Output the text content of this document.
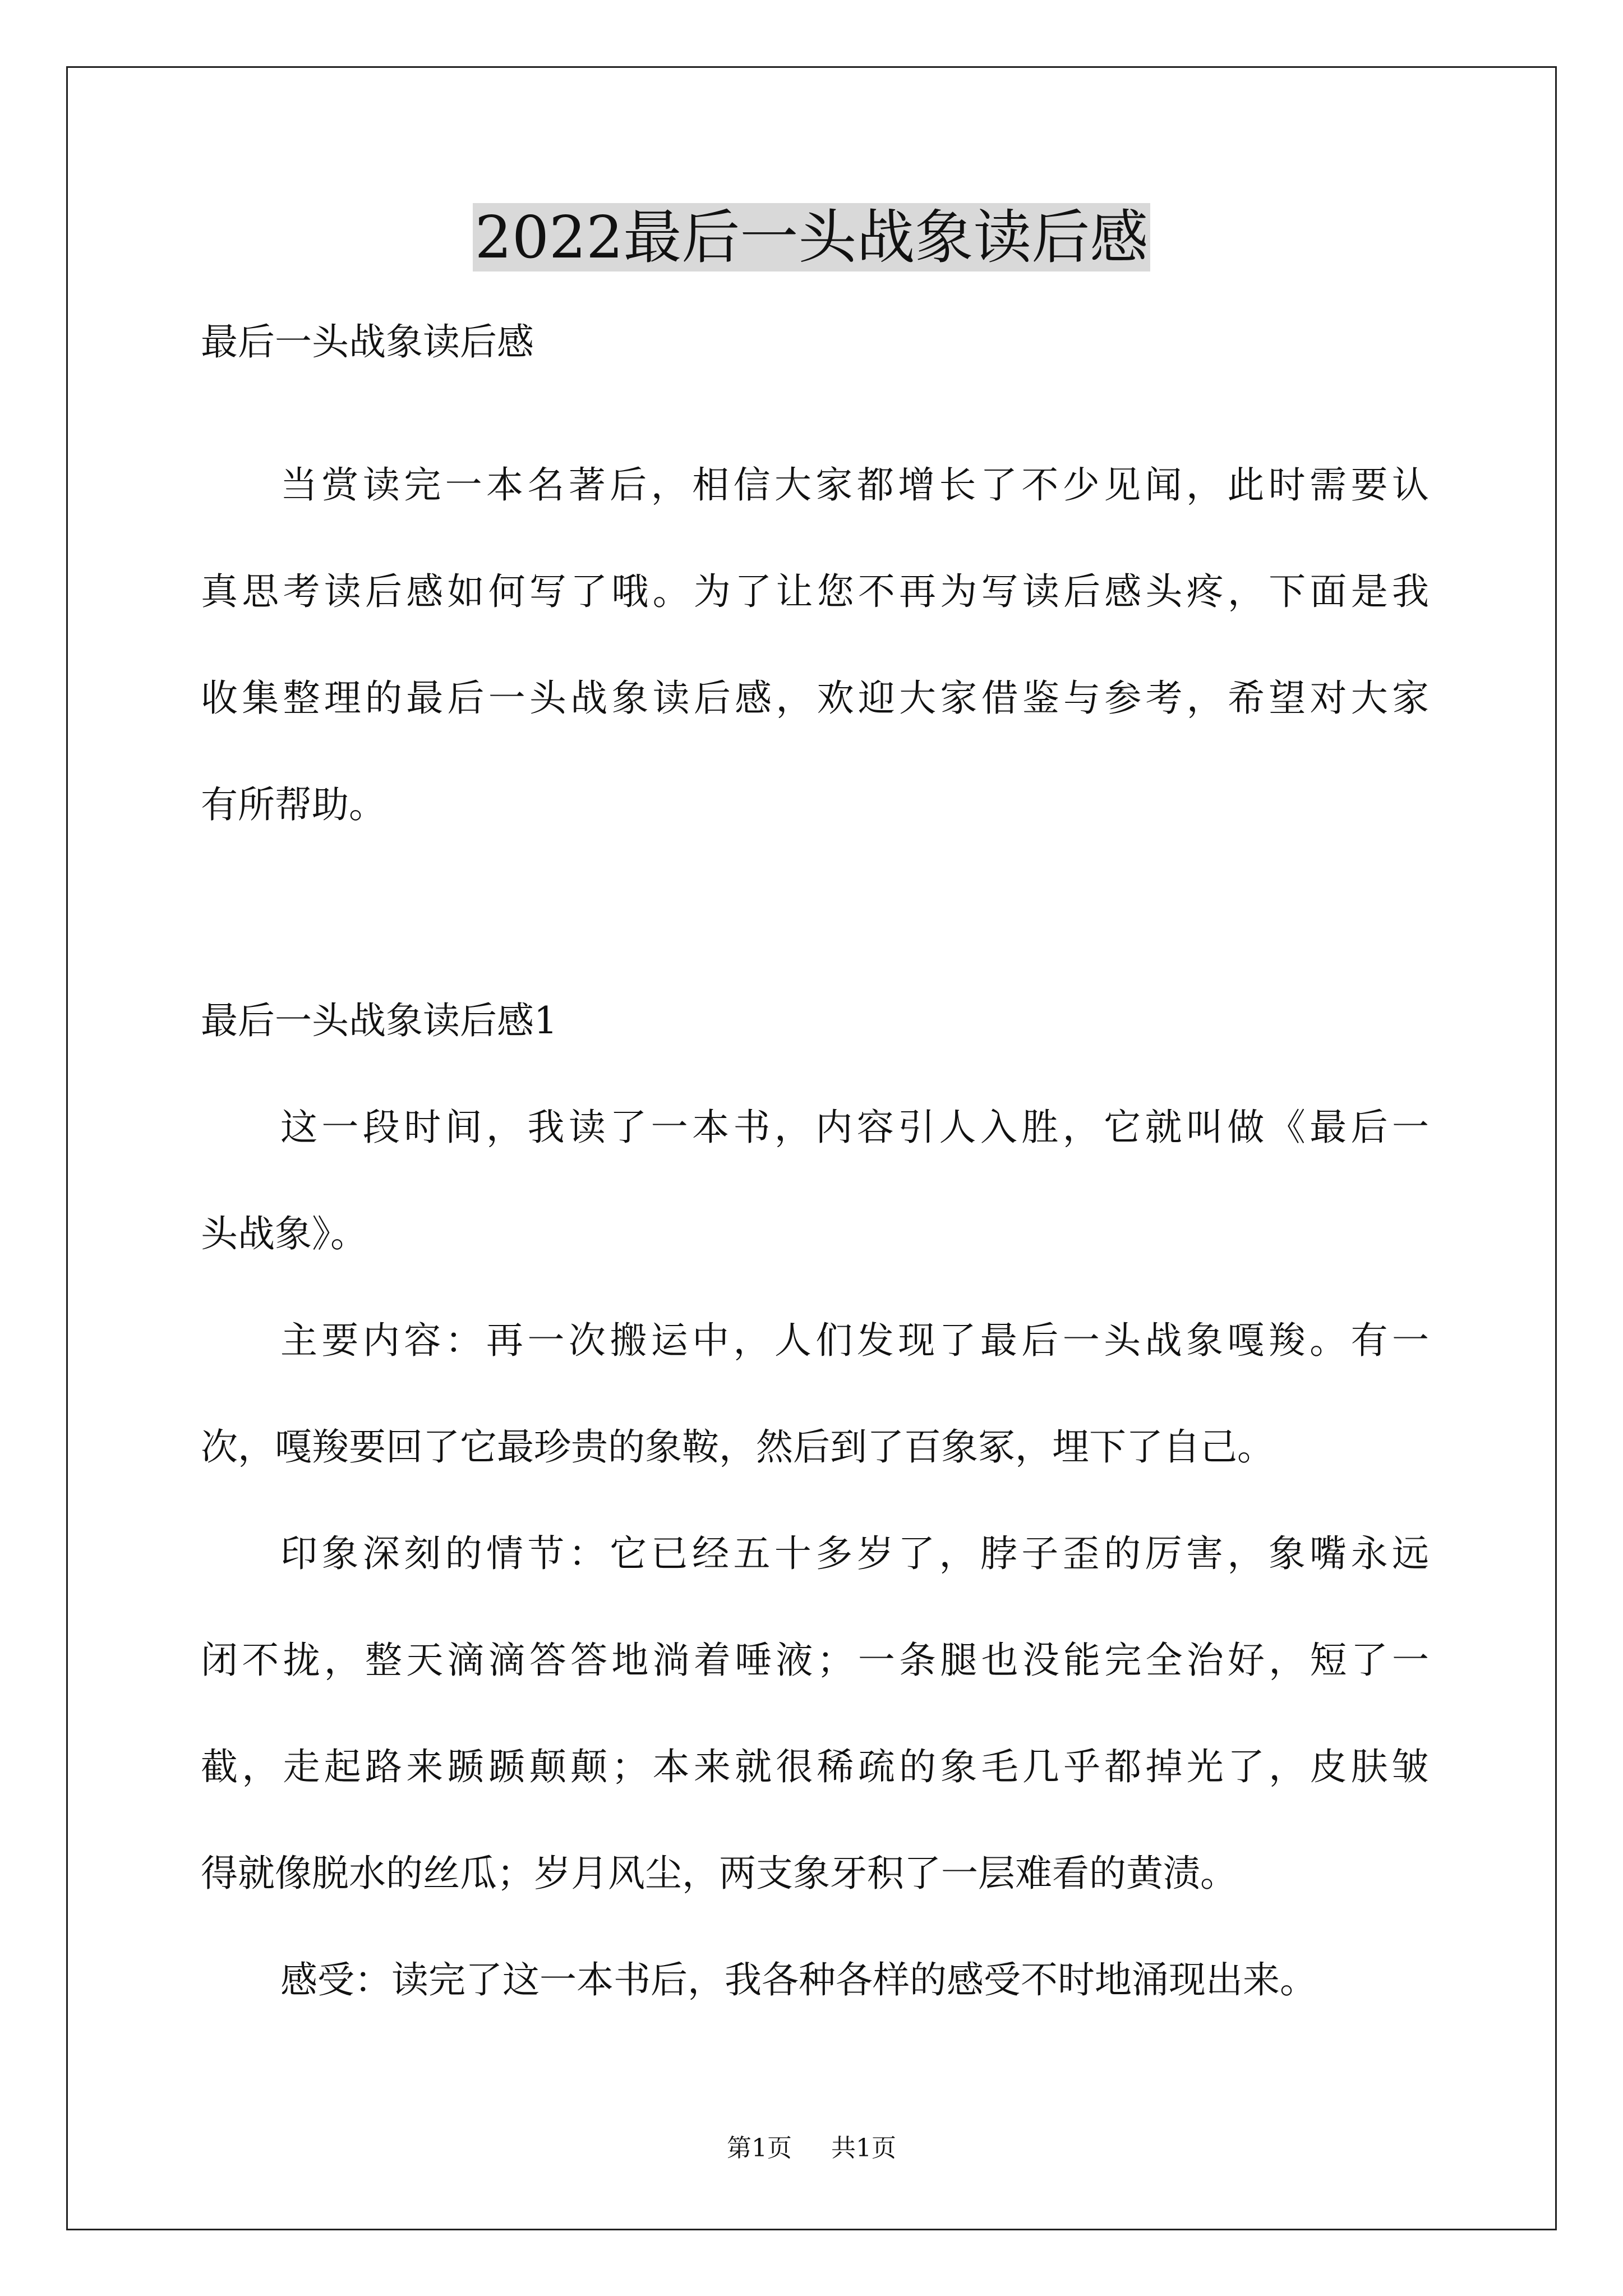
2022最后一头战象读后感
最后一头战象读后感
当赏读完一本名著后，相信大家都增长了不少见闻，此时需要认
真思考读后感如何写了哦。为了让您不再为写读后感头疼，下面是我
收集整理的最后一头战象读后感，欢迎大家借鉴与参考，希望对大家
有所帮助。
最后一头战象读后感1
这一段时间，我读了一本书，内容引人入胜，它就叫做《最后一
头战象》。
主要内容：再一次搬运中，人们发现了最后一头战象嘎羧。有一
次，嘎羧要回了它最珍贵的象鞍，然后到了百象冢，埋下了自己。
印象深刻的情节：它已经五十多岁了，脖子歪的厉害，象嘴永远
闭不拢，整天滴滴答答地淌着唾液；一条腿也没能完全治好，短了一
截，走起路来踬踬颠颠；本来就很稀疏的象毛几乎都掉光了，皮肤皱
得就像脱水的丝瓜；岁月风尘，两支象牙积了一层难看的黄渍。
感受：读完了这一本书后，我各种各样的感受不时地涌现出来。
第1页 共1页
